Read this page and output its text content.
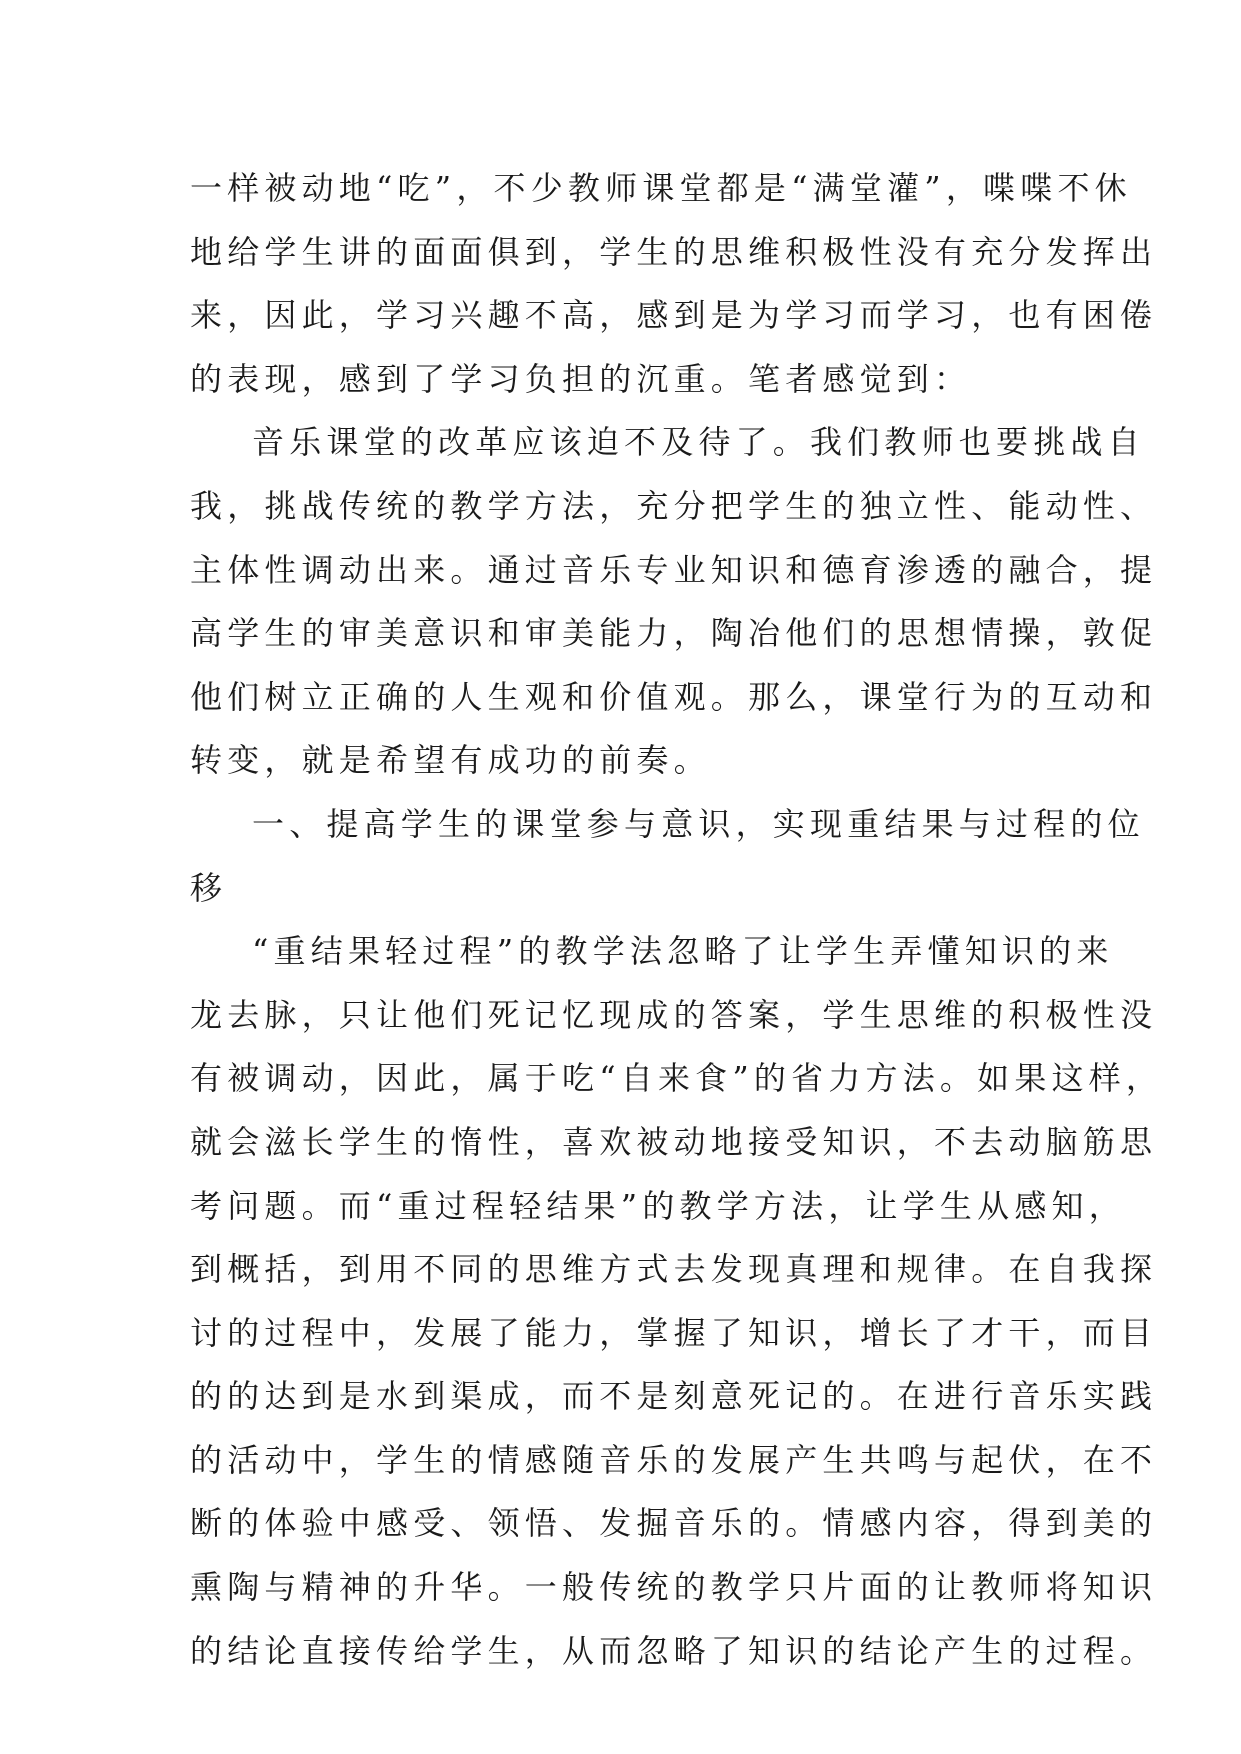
一样被动地“吃”，不少教师课堂都是“满堂灌”，喋喋不休
地给学生讲的面面俱到，学生的思维积极性没有充分发挥出
来，因此，学习兴趣不高，感到是为学习而学习，也有困倦
的表现，感到了学习负担的沉重。笔者感觉到：
音乐课堂的改革应该迫不及待了。我们教师也要挑战自
我，挑战传统的教学方法，充分把学生的独立性、能动性、
主体性调动出来。通过音乐专业知识和德育渗透的融合，提
高学生的审美意识和审美能力，陶冶他们的思想情操，敦促
他们树立正确的人生观和价值观。那么，课堂行为的互动和
转变，就是希望有成功的前奏。
一、提高学生的课堂参与意识，实现重结果与过程的位
移
“重结果轻过程”的教学法忽略了让学生弄懂知识的来
龙去脉，只让他们死记忆现成的答案，学生思维的积极性没
有被调动，因此，属于吃“自来食”的省力方法。如果这样，
就会滋长学生的惰性，喜欢被动地接受知识，不去动脑筋思
考问题。而“重过程轻结果”的教学方法，让学生从感知，
到概括，到用不同的思维方式去发现真理和规律。在自我探
讨的过程中，发展了能力，掌握了知识，增长了才干，而目
的的达到是水到渠成，而不是刻意死记的。在进行音乐实践
的活动中，学生的情感随音乐的发展产生共鸣与起伏，在不
断的体验中感受、领悟、发掘音乐的。情感内容，得到美的
熏陶与精神的升华。一般传统的教学只片面的让教师将知识
的结论直接传给学生，从而忽略了知识的结论产生的过程。
